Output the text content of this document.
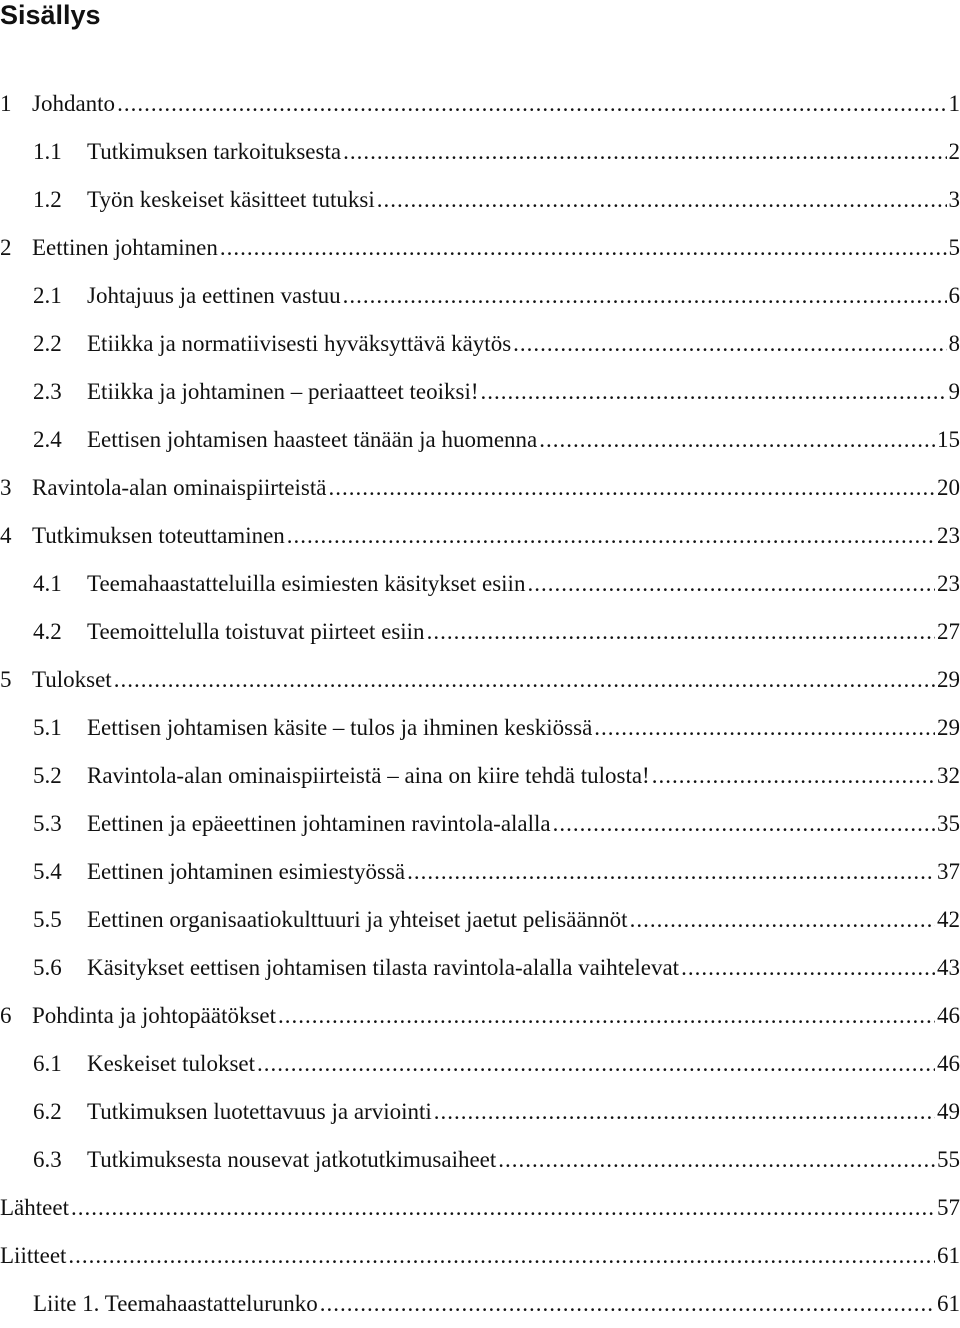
Sisällys
1 Johdanto .....	1
1.1	Tutkimuksen tarkoituksesta .....	2
1.2	Työn keskeiset käsitteet tutuksi .....	3
2 Eettinen johtaminen .....	5
2.1	Johtajuus ja eettinen vastuu .....	6
2.2	Etiikka ja normatiivisesti hyväksyttävä käytös .....	8
2.3	Etiikka ja johtaminen – periaatteet teoiksi! .....	9
2.4	Eettisen johtamisen haasteet tänään ja huomenna .....	15
3 Ravintola-alan ominaispiirteistä .....	20
4 Tutkimuksen toteuttaminen .....	23
4.1	Teemahaastatteluilla esimiesten käsitykset esiin .....	23
4.2	Teemoittelulla toistuvat piirteet esiin .....	27
5 Tulokset .....	29
5.1	Eettisen johtamisen käsite – tulos ja ihminen keskiössä .....	29
5.2	Ravintola-alan ominaispiirteistä – aina on kiire tehdä tulosta! .....	32
5.3	Eettinen ja epäeettinen johtaminen ravintola-alalla .....	35
5.4	Eettinen johtaminen esimiestyössä .....	37
5.5	Eettinen organisaatiokulttuuri ja yhteiset jaetut pelisäännöt .....	42
5.6	Käsitykset eettisen johtamisen tilasta ravintola-alalla vaihtelevat .....	43
6 Pohdinta ja johtopäätökset .....	46
6.1	Keskeiset tulokset .....	46
6.2	Tutkimuksen luotettavuus ja arviointi .....	49
6.3	Tutkimuksesta nousevat jatkotutkimusaiheet .....	55
Lähteet .....	57
Liitteet .....	61
Liite 1. Teemahaastattelurunko .....	61
